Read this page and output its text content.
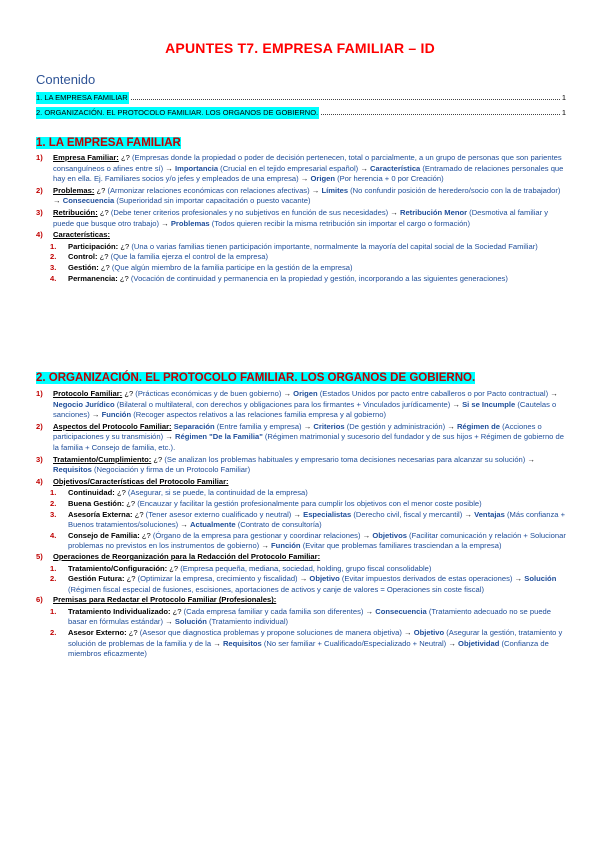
APUNTES T7. EMPRESA FAMILIAR – ID
Contenido
1. LA EMPRESA FAMILIAR	1
2. ORGANIZACIÓN. EL PROTOCOLO FAMILIAR. LOS ORGANOS DE GOBIERNO.	1
1. LA EMPRESA FAMILIAR
1) Empresa Familiar: ¿? (Empresas donde la propiedad o poder de decisión pertenecen, total o parcialmente, a un grupo de personas que son parientes consanguíneos o afines entre sí) → Importancia (Crucial en el tejido empresarial español) → Característica (Entramado de relaciones personales que hay en ella. Ej. Familiares socios y/o jefes y empleados de una empresa) → Origen (Por herencia + 0 por Creación)
2) Problemas: ¿? (Armonizar relaciones económicas con relaciones afectivas) → Límites (No confundir posición de heredero/socio con la de trabajador) → Consecuencia (Superioridad sin importar capacitación o puesto vacante)
3) Retribución: ¿? (Debe tener criterios profesionales y no subjetivos en función de sus necesidades) → Retribución Menor (Desmotiva al familiar y puede que busque otro trabajo) → Problemas (Todos quieren recibir la misma retribución sin importar el cargo o formación)
4) Características:
1. Participación: ¿? (Una o varias familias tienen participación importante, normalmente la mayoría del capital social de la Sociedad Familiar)
2. Control: ¿? (Que la familia ejerza el control de la empresa)
3. Gestión: ¿? (Que algún miembro de la familia participe en la gestión de la empresa)
4. Permanencia: ¿? (Vocación de continuidad y permanencia en la propiedad y gestión, incorporando a las siguientes generaciones)
2. ORGANIZACIÓN. EL PROTOCOLO FAMILIAR. LOS ORGANOS DE GOBIERNO.
1) Protocolo Familiar: ¿? (Prácticas económicas y de buen gobierno) → Origen (Estados Unidos por pacto entre caballeros o por Pacto contractual) → Negocio Jurídico (Bilateral o multilateral, con derechos y obligaciones para los firmantes + Vinculados jurídicamente) → Si se Incumple (Cautelas o sanciones) → Función (Recoger aspectos relativos a las relaciones familia empresa y al gobierno)
2) Aspectos del Protocolo Familiar: Separación (Entre familia y empresa) → Criterios (De gestión y administración) → Régimen de (Acciones o participaciones y su transmisión) → Régimen "De la Familia" (Régimen matrimonial y sucesorio del fundador y de sus hijos + Régimen de gobierno de la familia + Consejo de familia, etc.).
3) Tratamiento/Cumplimiento: ¿? (Se analizan los problemas habituales y empresario toma decisiones necesarias para alcanzar su solución) → Requisitos (Negociación y firma de un Protocolo Familiar)
4) Objetivos/Características del Protocolo Familiar:
1. Continuidad: ¿? (Asegurar, si se puede, la continuidad de la empresa)
2. Buena Gestión: ¿? (Encauzar y facilitar la gestión profesionalmente para cumplir los objetivos con el menor coste posible)
3. Asesoría Externa: ¿? (Tener asesor externo cualificado y neutral) → Especialistas (Derecho civil, fiscal y mercantil) → Ventajas (Más confianza + Buenos tratamientos/soluciones) → Actualmente (Contrato de consultoría)
4. Consejo de Familia: ¿? (Órgano de la empresa para gestionar y coordinar relaciones) → Objetivos (Facilitar comunicación y relación + Solucionar problemas no previstos en los instrumentos de gobierno) → Función (Evitar que problemas familiares trasciendan a la empresa)
5) Operaciones de Reorganización para la Redacción del Protocolo Familiar:
1. Tratamiento/Configuración: ¿? (Empresa pequeña, mediana, sociedad, holding, grupo fiscal consolidable)
2. Gestión Futura: ¿? (Optimizar la empresa, crecimiento y fiscalidad) → Objetivo (Evitar impuestos derivados de estas operaciones) → Solución (Régimen fiscal especial de fusiones, escisiones, aportaciones de activos y canje de valores = Operaciones sin coste fiscal)
6) Premisas para Redactar el Protocolo Familiar (Profesionales):
1. Tratamiento Individualizado: ¿? (Cada empresa familiar y cada familia son diferentes) → Consecuencia (Tratamiento adecuado no se puede basar en fórmulas estándar) → Solución (Tratamiento individual)
2. Asesor Externo: ¿? (Asesor que diagnostica problemas y propone soluciones de manera objetiva) → Objetivo (Asegurar la gestión, tratamiento y solución de problemas de la familia y de la → Requisitos (No ser familiar + Cualificado/Especializado + Neutral) → Objetividad (Confianza de miembros eficazmente)
